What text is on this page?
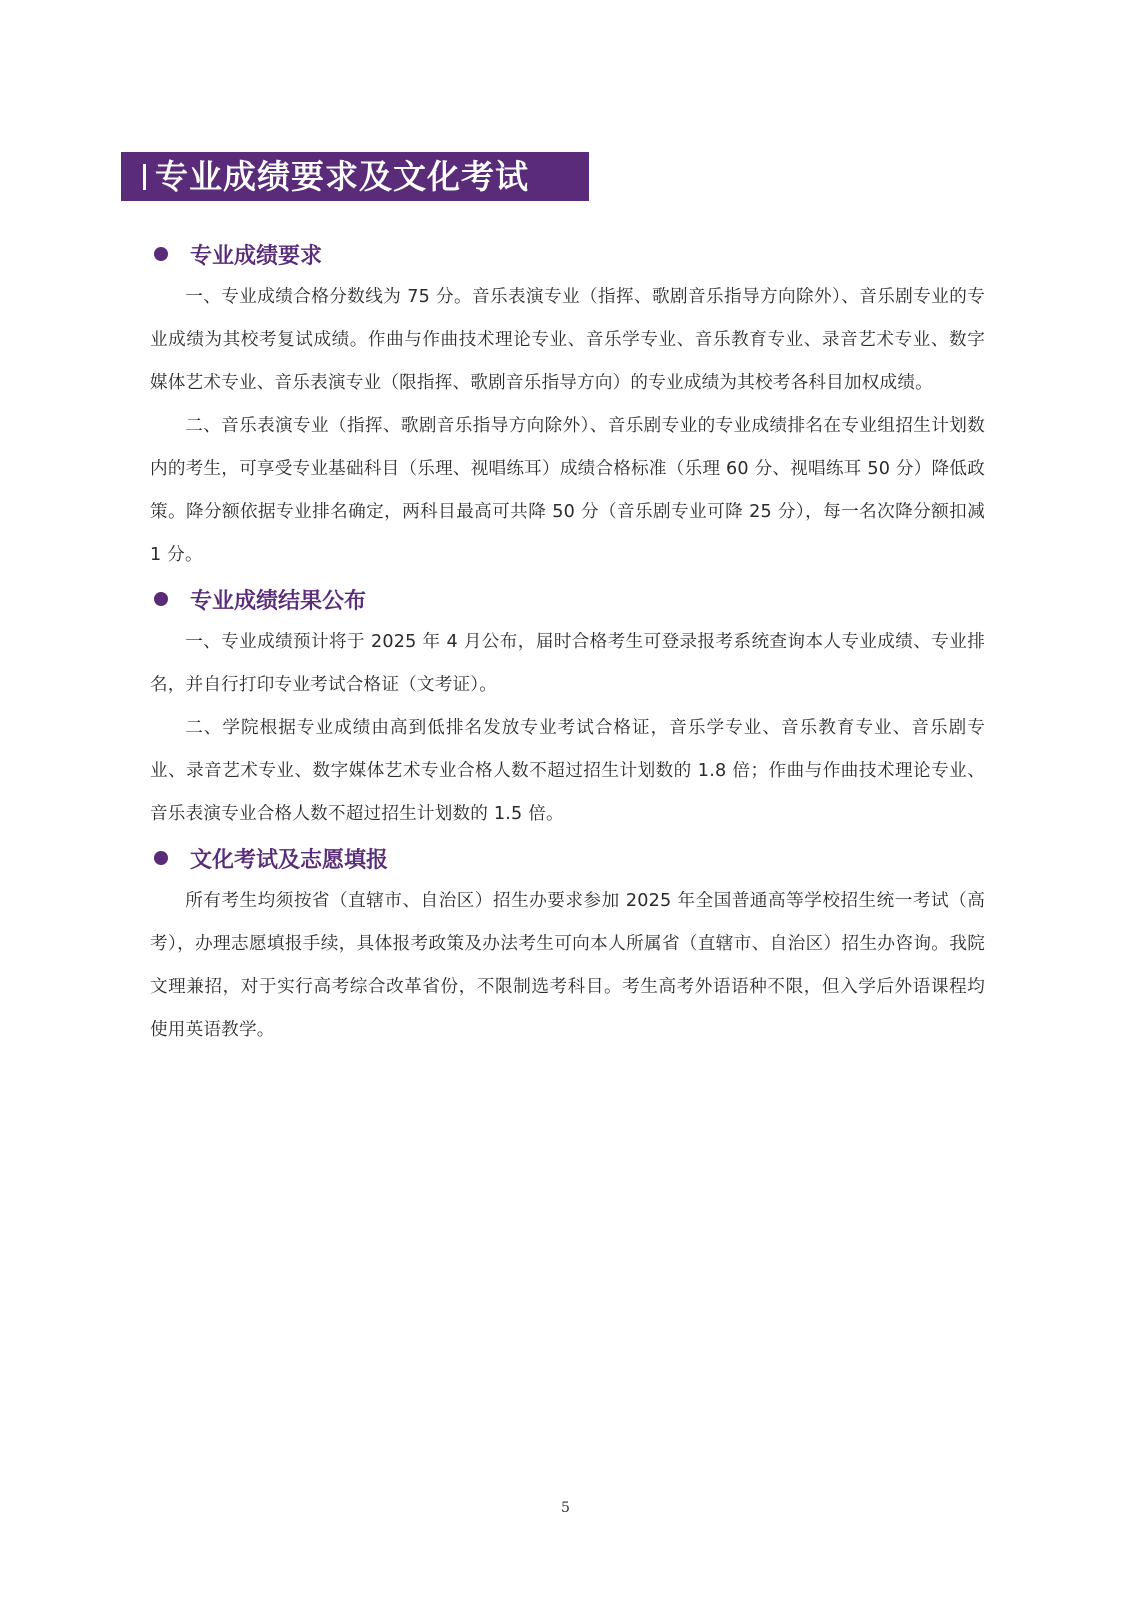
专业成绩要求及文化考试
专业成绩要求

一、专业成绩合格分数线为 75 分。音乐表演专业（指挥、歌剧音乐指导方向除外）、音乐剧专业的专业成绩为其校考复试成绩。作曲与作曲技术理论专业、音乐学专业、音乐教育专业、录音艺术专业、数字媒体艺术专业、音乐表演专业（限指挥、歌剧音乐指导方向）的专业成绩为其校考各科目加权成绩。

二、音乐表演专业（指挥、歌剧音乐指导方向除外）、音乐剧专业的专业成绩排名在专业组招生计划数内的考生，可享受专业基础科目（乐理、视唱练耳）成绩合格标准（乐理 60 分、视唱练耳 50 分）降低政策。降分额依据专业排名确定，两科目最高可共降 50 分（音乐剧专业可降 25 分），每一名次降分额扣减 1 分。

专业成绩结果公布

一、专业成绩预计将于 2025 年 4 月公布，届时合格考生可登录报考系统查询本人专业成绩、专业排名，并自行打印专业考试合格证（文考证）。

二、学院根据专业成绩由高到低排名发放专业考试合格证，音乐学专业、音乐教育专业、音乐剧专业、录音艺术专业、数字媒体艺术专业合格人数不超过招生计划数的 1.8 倍；作曲与作曲技术理论专业、音乐表演专业合格人数不超过招生计划数的 1.5 倍。

文化考试及志愿填报

所有考生均须按省（直辖市、自治区）招生办要求参加 2025 年全国普通高等学校招生统一考试（高考），办理志愿填报手续，具体报考政策及办法考生可向本人所属省（直辖市、自治区）招生办咨询。我院文理兼招，对于实行高考综合改革省份，不限制选考科目。考生高考外语语种不限，但入学后外语课程均使用英语教学。

5
